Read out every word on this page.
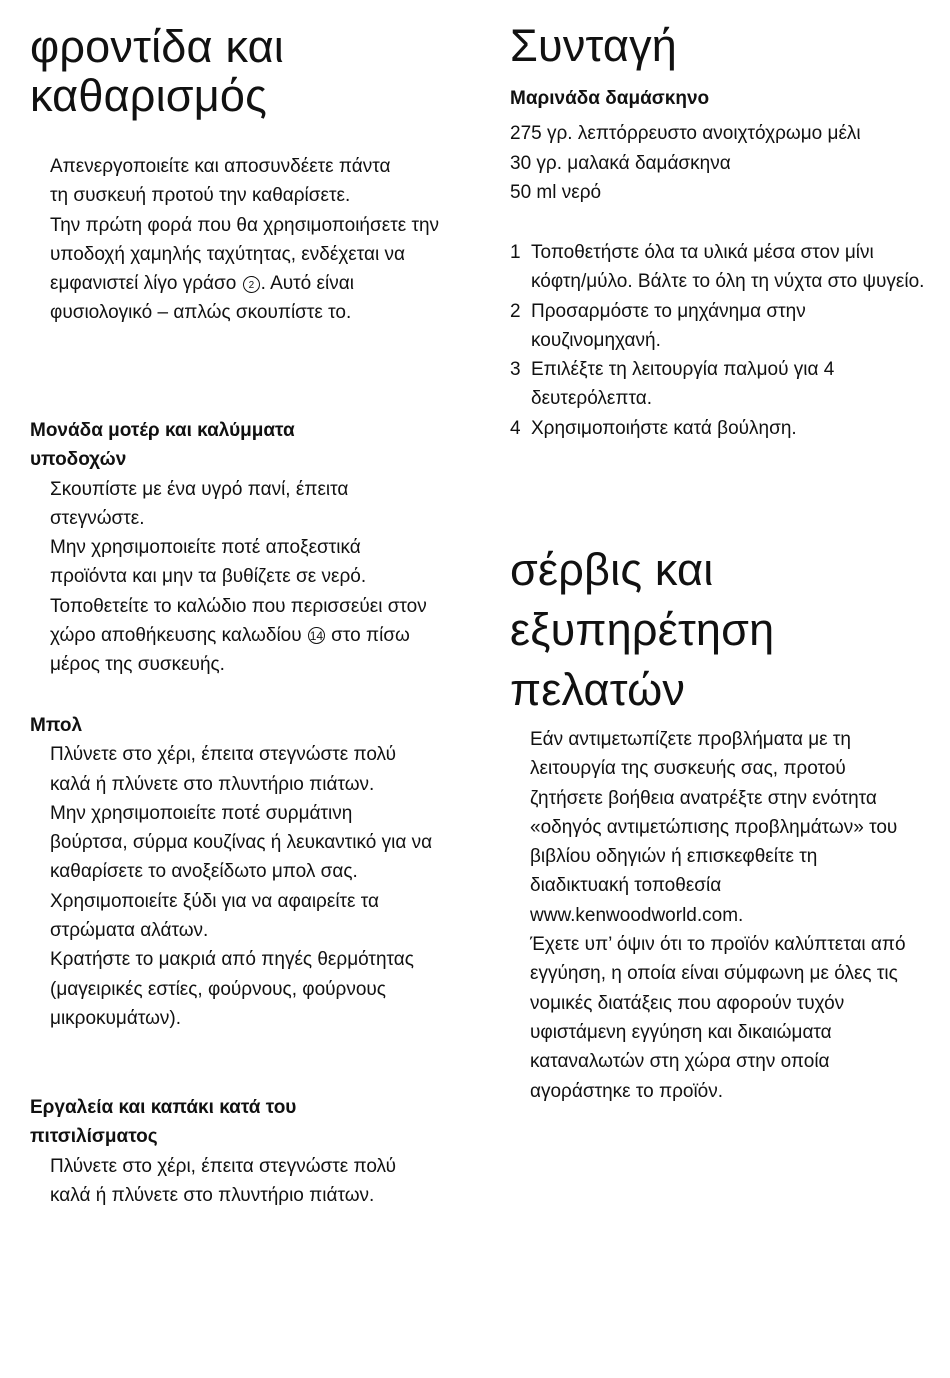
φροντίδα και
καθαρισμός

Απενεργοποιείτε και αποσυνδέετε πάντα τη συσκευή προτού την καθαρίσετε.

Την πρώτη φορά που θα χρησιμοποιήσετε την υποδοχή χαμηλής ταχύτητας, ενδέχεται να εμφανιστεί λίγο γράσο 2 . Αυτό είναι φυσιολογικό – απλώς σκουπίστε το.

Μονάδα μοτέρ και καλύμματα υποδοχών

Σκουπίστε με ένα υγρό πανί, έπειτα στεγνώστε.

Μην χρησιμοποιείτε ποτέ αποξεστικά προϊόντα και μην τα βυθίζετε σε νερό.

Τοποθετείτε το καλώδιο που περισσεύει στον χώρο αποθήκευσης καλωδίου 14 στο πίσω μέρος της συσκευής.

Μπολ

Πλύνετε στο χέρι, έπειτα στεγνώστε πολύ καλά ή πλύνετε στο πλυντήριο πιάτων.

Μην χρησιμοποιείτε ποτέ συρμάτινη βούρτσα, σύρμα κουζίνας ή λευκαντικό για να καθαρίσετε το ανοξείδωτο μπολ σας. Χρησιμοποιείτε ξύδι για να αφαιρείτε τα στρώματα αλάτων.

Κρατήστε το μακριά από πηγές θερμότητας (μαγειρικές εστίες, φούρνους, φούρνους μικροκυμάτων).

Εργαλεία και καπάκι κατά του πιτσιλίσματος

Πλύνετε στο χέρι, έπειτα στεγνώστε πολύ καλά ή πλύνετε στο πλυντήριο πιάτων.

Συνταγή
Μαρινάδα δαμάσκηνο

275 γρ. λεπτόρρευστο ανοιχτόχρωμο μέλι

30 γρ. μαλακά δαμάσκηνα

50 ml νερό

1 Τοποθετήστε όλα τα υλικά μέσα στον μίνι κόφτη/μύλο. Βάλτε το όλη τη νύχτα στο ψυγείο.
2 Προσαρμόστε το μηχάνημα στην κουζινομηχανή.
3 Επιλέξτε τη λειτουργία παλμού για 4 δευτερόλεπτα.
4 Χρησιμοποιήστε κατά βούληση.
σέρβις και
εξυπηρέτηση
πελατών

Εάν αντιμετωπίζετε προβλήματα με τη λειτουργία της συσκευής σας, προτού ζητήσετε βοήθεια ανατρέξτε στην ενότητα «οδηγός αντιμετώπισης προβλημάτων» του βιβλίου οδηγιών ή επισκεφθείτε τη διαδικτυακή τοποθεσία www.kenwoodworld.com.

Έχετε υπ’ όψιν ότι το προϊόν καλύπτεται από εγγύηση, η οποία είναι σύμφωνη με όλες τις νομικές διατάξεις που αφορούν τυχόν υφιστάμενη εγγύηση και δικαιώματα καταναλωτών στη χώρα στην οποία αγοράστηκε το προϊόν.
